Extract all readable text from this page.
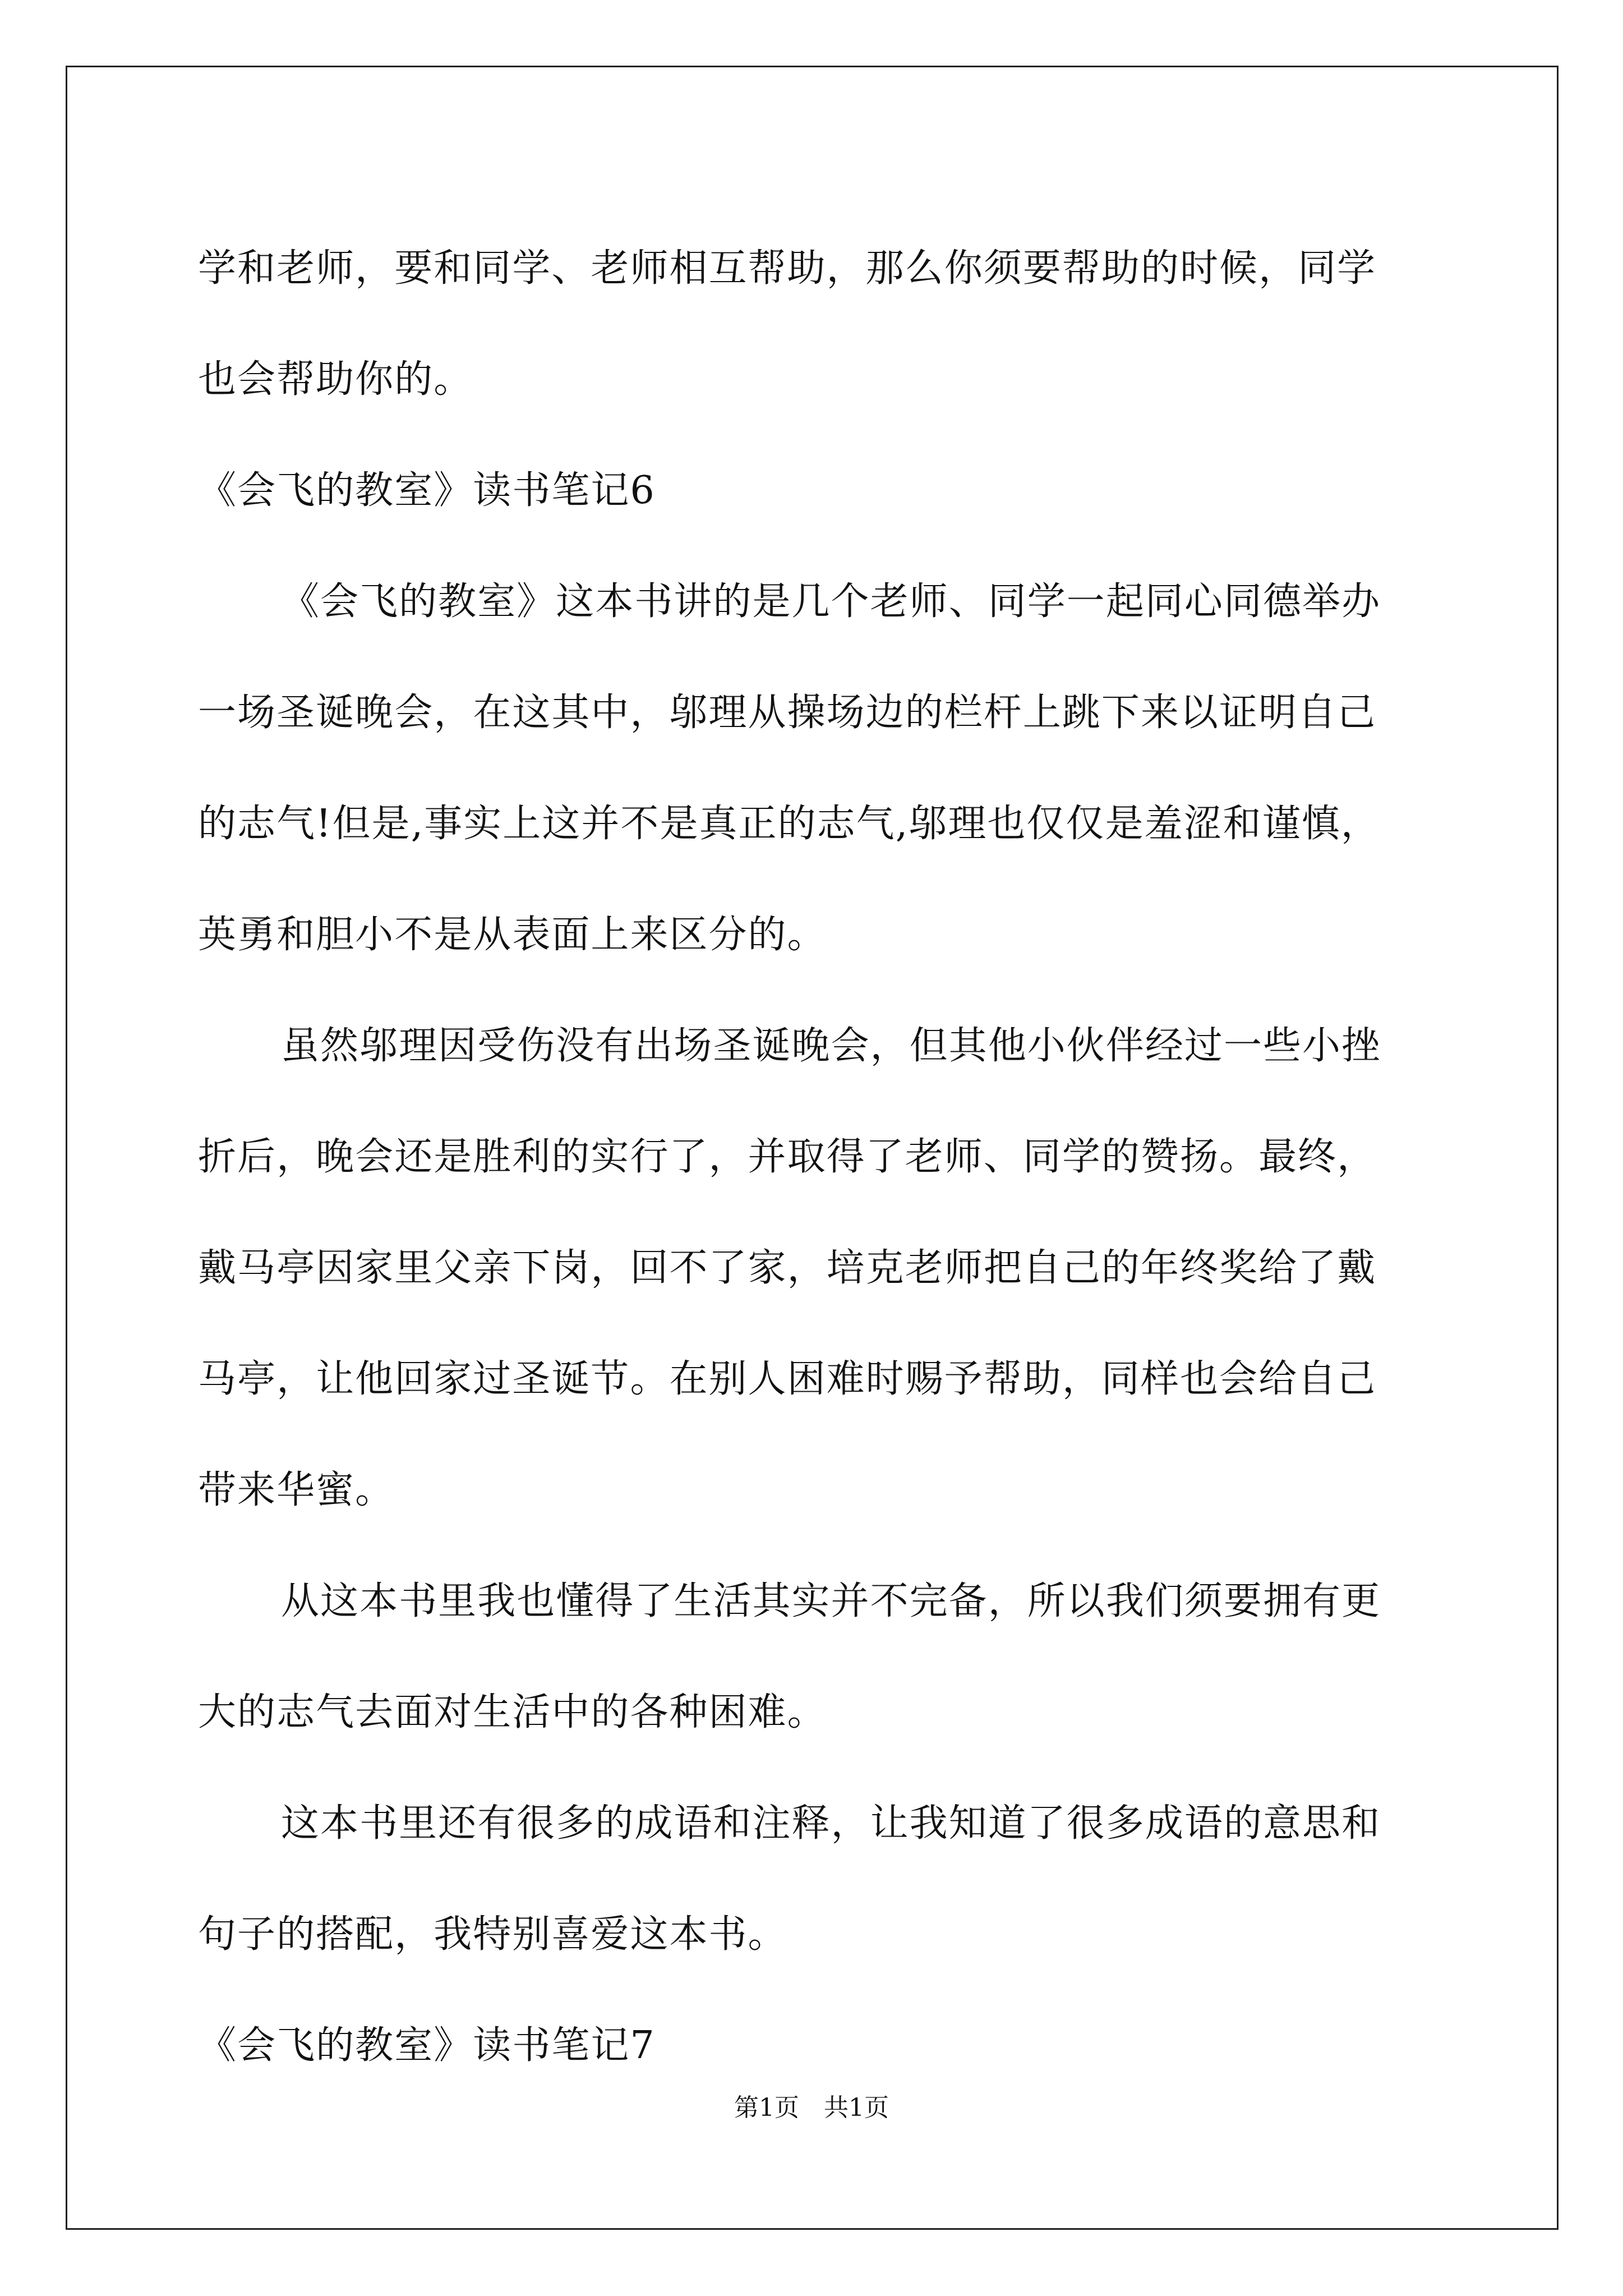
学和老师，要和同学、老师相互帮助，那么你须要帮助的时候，同学
也会帮助你的。
《会飞的教室》读书笔记6
《会飞的教室》这本书讲的是几个老师、同学一起同心同德举办
一场圣诞晚会，在这其中，邬理从操场边的栏杆上跳下来以证明自己
的志气!但是,事实上这并不是真正的志气,邬理也仅仅是羞涩和谨慎，
英勇和胆小不是从表面上来区分的。
虽然邬理因受伤没有出场圣诞晚会，但其他小伙伴经过一些小挫
折后，晚会还是胜利的实行了，并取得了老师、同学的赞扬。最终，
戴马亭因家里父亲下岗，回不了家，培克老师把自己的年终奖给了戴
马亭，让他回家过圣诞节。在别人困难时赐予帮助，同样也会给自己
带来华蜜。
从这本书里我也懂得了生活其实并不完备，所以我们须要拥有更
大的志气去面对生活中的各种困难。
这本书里还有很多的成语和注释，让我知道了很多成语的意思和
句子的搭配，我特别喜爱这本书。
《会飞的教室》读书笔记7
第1页　共1页
